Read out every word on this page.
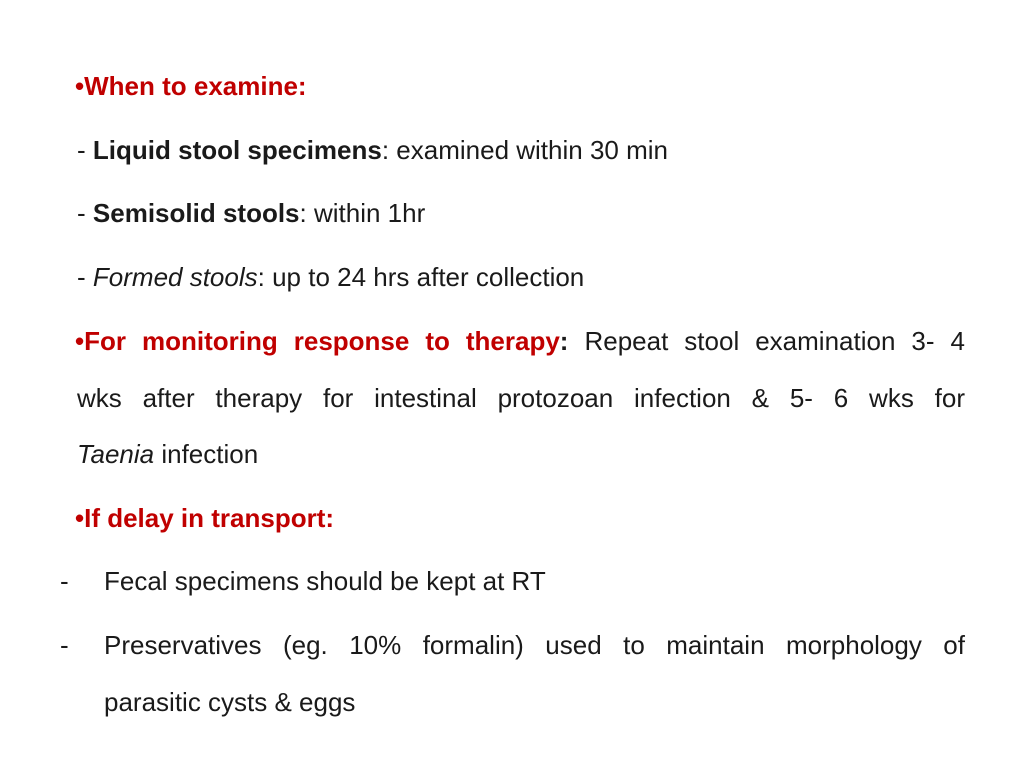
•When to examine:
- Liquid stool specimens: examined within 30 min
- Semisolid stools: within 1hr
- Formed stools: up to 24 hrs after collection
•For monitoring response to therapy: Repeat stool examination 3- 4
wks after therapy for intestinal protozoan infection & 5- 6 wks for
Taenia infection
•If delay in transport:
- Fecal specimens should be kept at RT
- Preservatives (eg. 10% formalin) used to maintain morphology of
parasitic cysts & eggs
